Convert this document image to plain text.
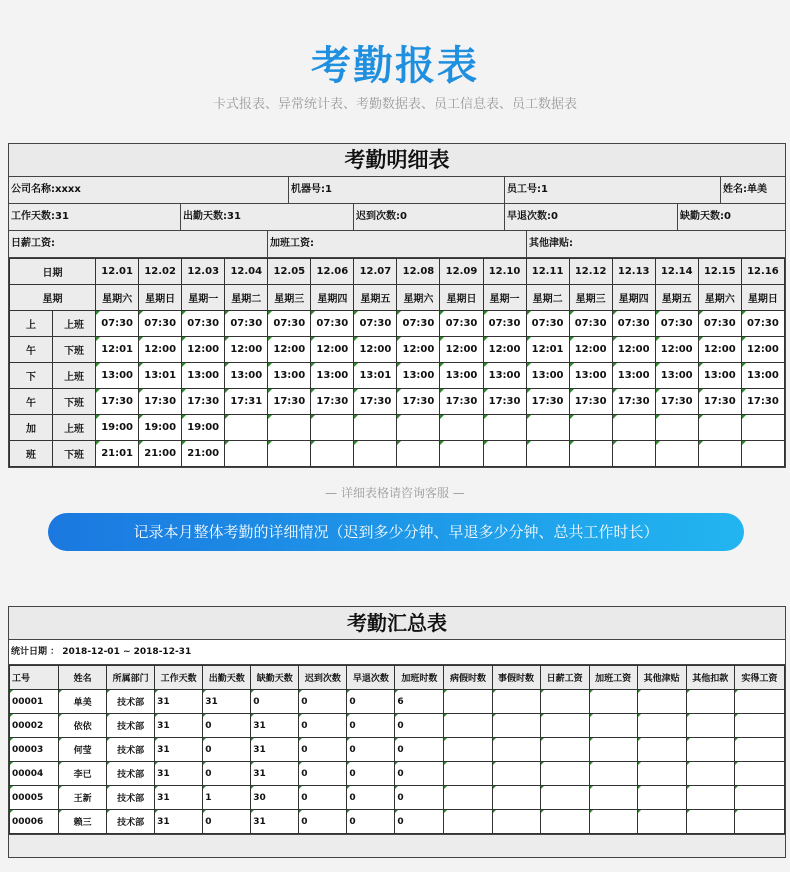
考勤报表
卡式报表、异常统计表、考勤数据表、员工信息表、员工数据表
考勤明细表
公司名称:xxxx	机器号:1	员工号:1	姓名:单美
工作天数:31	出勤天数:31	迟到次数:0	早退次数:0	缺勤天数:0
日薪工资:	加班工资:	其他津贴:
日期		12.01	12.02	12.03	12.04	12.05	12.06	12.07	12.08	12.09	12.10	12.11	12.12	12.13	12.14	12.15	12.16
星期		星期六	星期日	星期一	星期二	星期三	星期四	星期五	星期六	星期日	星期一	星期二	星期三	星期四	星期五	星期六	星期日
上	上班	07:30	07:30	07:30	07:30	07:30	07:30	07:30	07:30	07:30	07:30	07:30	07:30	07:30	07:30	07:30	07:30
午	下班	12:01	12:00	12:00	12:00	12:00	12:00	12:00	12:00	12:00	12:00	12:01	12:00	12:00	12:00	12:00	12:00
下	上班	13:00	13:01	13:00	13:00	13:00	13:00	13:01	13:00	13:00	13:00	13:00	13:00	13:00	13:00	13:00	13:00
午	下班	17:30	17:30	17:30	17:31	17:30	17:30	17:30	17:30	17:30	17:30	17:30	17:30	17:30	17:30	17:30	17:30
加	上班	19:00	19:00	19:00													
班	下班	21:01	21:00	21:00													
— 详细表格请咨询客服 —
记录本月整体考勤的详细情况（迟到多少分钟、早退多少分钟、总共工作时长）
考勤汇总表
统计日期 ： 2018-12-01 ~ 2018-12-31
工号	姓名	所属部门	工作天数	出勤天数	缺勤天数	迟到次数	早退次数	加班时数	病假时数	事假时数	日薪工资	加班工资	其他津贴	其他扣款	实得工资
00001	单美	技术部	31	31	0	0	0	6							
00002	依依	技术部	31	0	31	0	0	0							
00003	何莹	技术部	31	0	31	0	0	0							
00004	李已	技术部	31	0	31	0	0	0							
00005	王新	技术部	31	1	30	0	0	0							
00006	赖三	技术部	31	0	31	0	0	0							
